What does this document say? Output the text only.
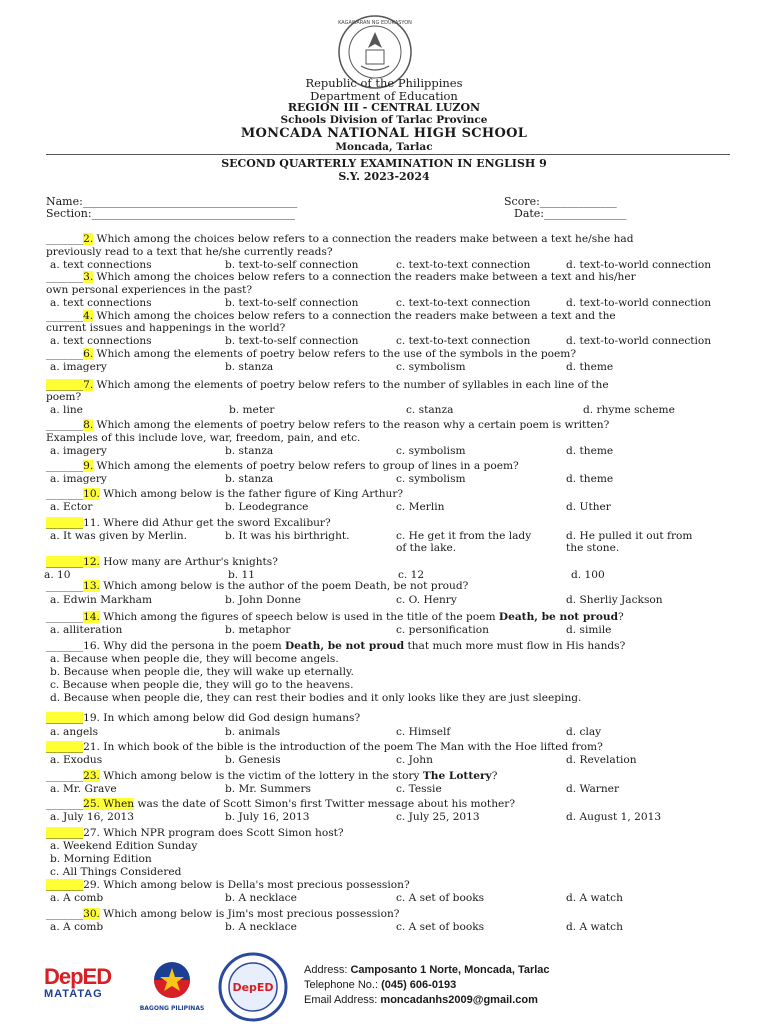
KAGAWARAN NG EDUKASYON
Republic of the Philippines
Department of Education
REGION III - CENTRAL LUZON
Schools Division of Tarlac Province
MONCADA NATIONAL HIGH SCHOOL
Moncada, Tarlac
SECOND QUARTERLY EXAMINATION IN ENGLISH 9
S.Y. 2023-2024
Name:_______________________________________
Section:_____________________________________
Score:______________
Date:_______________
_______2. Which among the choices below refers to a connection the readers make between a text he/she had
previously read to a text that he/she currently reads?
a. text connections	b. text-to-self connection	c. text-to-text connection	d. text-to-world connection
_______3. Which among the choices below refers to a connection the readers make between a text and his/her
own personal experiences in the past?
a. text connections	b. text-to-self connection	c. text-to-text connection	d. text-to-world connection
_______4. Which among the choices below refers to a connection the readers make between a text and the
current issues and happenings in the world?
a. text connections	b. text-to-self connection	c. text-to-text connection	d. text-to-world connection
_______6. Which among the elements of poetry below refers to the use of the symbols in the poem?
a. imagery	b. stanza	c. symbolism	d. theme
_______7. Which among the elements of poetry below refers to the number of syllables in each line of the
poem?
a. line	b. meter	c. stanza	d. rhyme scheme
_______8. Which among the elements of poetry below refers to the reason why a certain poem is written?
Examples of this include love, war, freedom, pain, and etc.
a. imagery	b. stanza	c. symbolism	d. theme
_______9. Which among the elements of poetry below refers to group of lines in a poem?
a. imagery	b. stanza	c. symbolism	d. theme
_______10. Which among below is the father figure of King Arthur?
a. Ector	b. Leodegrance	c. Merlin	d. Uther
_______11. Where did Athur get the sword Excalibur?
a. It was given by Merlin.	b. It was his birthright.	c. He get it from the lady	d. He pulled it out from
of the lake.	the stone.
_______12. How many are Arthur's knights?
a. 10	b. 11	c. 12	d. 100
_______13. Which among below is the author of the poem Death, be not proud?
a. Edwin Markham	b. John Donne	c. O. Henry	d. Sherliy Jackson
_______14. Which among the figures of speech below is used in the title of the poem Death, be not proud?
a. alliteration	b. metaphor	c. personification	d. simile
_______16. Why did the persona in the poem Death, be not proud that much more must flow in His hands?
a. Because when people die, they will become angels.
b. Because when people die, they will wake up eternally.
c. Because when people die, they will go to the heavens.
d. Because when people die, they can rest their bodies and it only looks like they are just sleeping.
_______19. In which among below did God design humans?
a. angels	b. animals	c. Himself	d. clay
_______21. In which book of the bible is the introduction of the poem The Man with the Hoe lifted from?
a. Exodus	b. Genesis	c. John	d. Revelation
_______23. Which among below is the victim of the lottery in the story The Lottery?
a. Mr. Grave	b. Mr. Summers	c. Tessie	d. Warner
_______25. When was the date of Scott Simon's first Twitter message about his mother?
a. July 16, 2013	b. July 16, 2013	c. July 25, 2013	d. August 1, 2013
_______27. Which NPR program does Scott Simon host?
a. Weekend Edition Sunday
b. Morning Edition
c. All Things Considered
_______29. Which among below is Della's most precious possession?
a. A comb	b. A necklace	c. A set of books	d. A watch
_______30. Which among below is Jim's most precious possession?
a. A comb	b. A necklace	c. A set of books	d. A watch
DepED
MATATAG
BAGONG PILIPINAS
DepED
Address: Camposanto 1 Norte, Moncada, Tarlac
Telephone No.: (045) 606-0193
Email Address: moncadanhs2009@gmail.com
